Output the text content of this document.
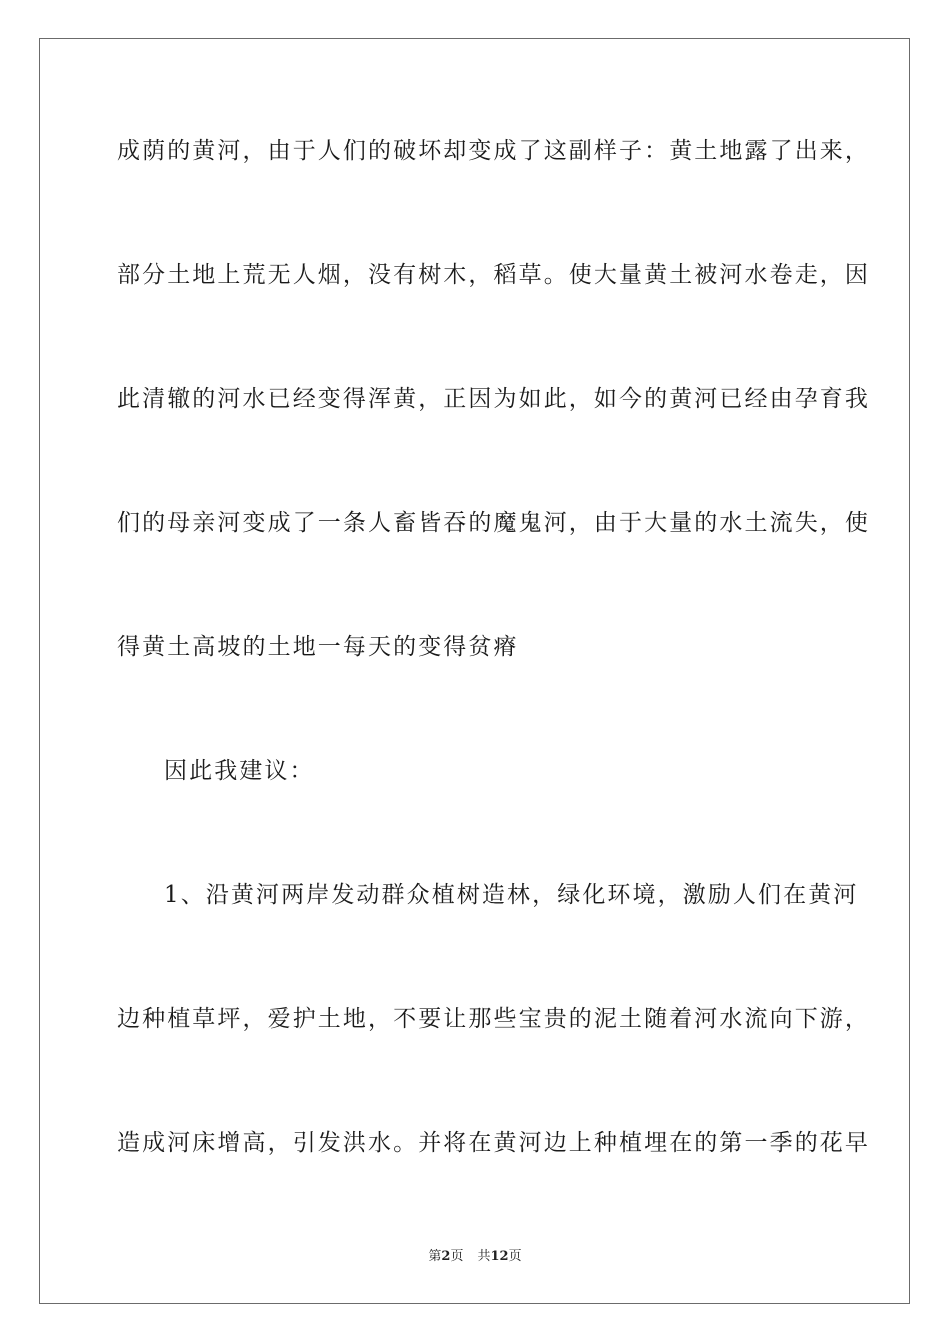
成荫的黄河，由于人们的破坏却变成了这副样子：黄土地露了出来，
部分土地上荒无人烟，没有树木，稻草。使大量黄土被河水卷走，因
此清辙的河水已经变得浑黄，正因为如此，如今的黄河已经由孕育我
们的母亲河变成了一条人畜皆吞的魔鬼河，由于大量的水土流失，使
得黄土高坡的土地一每天的变得贫瘠
因此我建议：
1、沿黄河两岸发动群众植树造林，绿化环境，激励人们在黄河
边种植草坪，爱护土地，不要让那些宝贵的泥土随着河水流向下游，
造成河床增高，引发洪水。并将在黄河边上种植埋在的第一季的花早
第2页 共12页
